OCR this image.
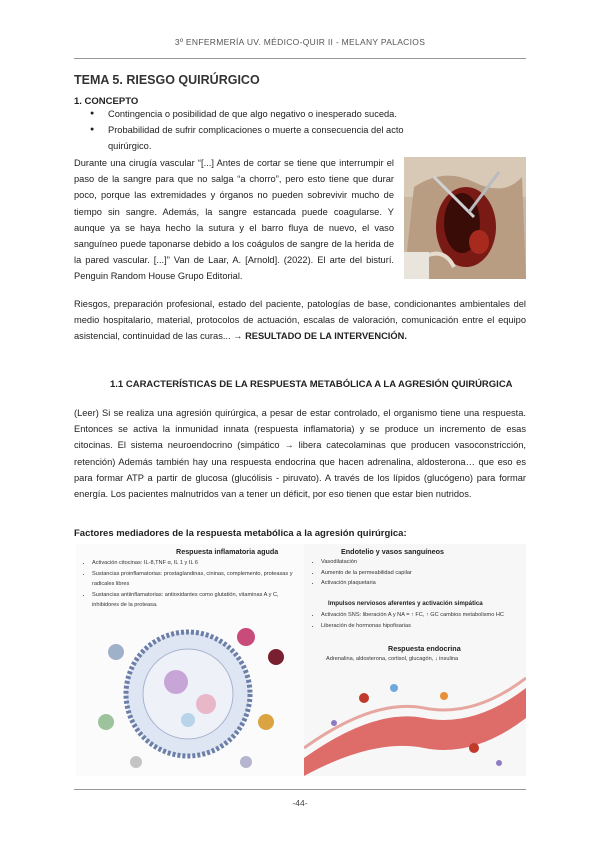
3º ENFERMERÍA UV. MÉDICO-QUIR II - MELANY PALACIOS
TEMA 5. RIESGO QUIRÚRGICO
1. CONCEPTO
● Contingencia o posibilidad de que algo negativo o inesperado suceda.
● Probabilidad de sufrir complicaciones o muerte a consecuencia del acto quirúrgico.

Durante una cirugía vascular “[...] Antes de cortar se tiene que interrumpir el paso de la sangre para que no salga “a chorro”, pero esto tiene que durar poco, porque las extremidades y órganos no pueden sobrevivir mucho de tiempo sin sangre. Además, la sangre estancada puede coagularse. Y aunque ya se haya hecho la sutura y el barro fluya de nuevo, el vaso sanguíneo puede taponarse debido a los coágulos de sangre de la herida de la pared vascular. [...]” Van de Laar, A. [Arnold]. (2022). El arte del bisturí. Penguin Random House Grupo Editorial.

Riesgos, preparación profesional, estado del paciente, patologías de base, condicionantes ambientales del medio hospitalario, material, protocolos de actuación, escalas de valoración, comunicación entre el equipo asistencial, continuidad de las curas... → RESULTADO DE LA INTERVENCIÓN.

1.1 CARACTERÍSTICAS DE LA RESPUESTA METABÓLICA A LA AGRESIÓN QUIRÚRGICA

(Leer) Si se realiza una agresión quirúrgica, a pesar de estar controlado, el organismo tiene una respuesta. Entonces se activa la inmunidad innata (respuesta inflamatoria) y se produce un incremento de esas citocinas. El sistema neuroendocrino (simpático → libera catecolaminas que producen vasoconstricción, retención) Además también hay una respuesta endocrina que hacen adrenalina, aldosterona… que eso es para formar ATP a partir de glucosa (glucólisis - piruvato). A través de los lípidos (glucógeno) para formar energía. Los pacientes malnutridos van a tener un déficit, por eso tienen que estar bien nutridos.

Factores mediadores de la respuesta metabólica a la agresión quirúrgica:
Respuesta inflamatoria aguda
• Activación citocinas: IL-8,TNF α, IL 1 y IL 6
• Sustancias proinflamatorias: prostaglandinas, cininas, complemento, proteasas y radicales libres
• Sustancias antiinflamatorias: antioxidantes como glutatión, vitaminas A y C, inhibidores de la proteasa.
Endotelio y vasos sanguíneos
• Vasodilatación
• Aumento de la permeabilidad capilar
• Activación plaquetaria
Impulsos nerviosos aferentes y activación simpática
• Activación SNS: liberación A y NA = ↑ FC, ↑ GC cambios metabolismo HC
• Liberación de hormonas hipofisarias
Respuesta endocrina
Adrenalina, aldosterona, cortisol, glucagón, ↓ insulina
-44-
